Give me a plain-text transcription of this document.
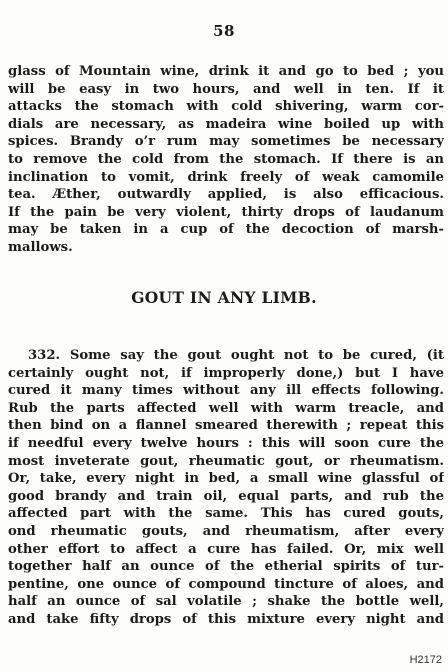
58
glass of Mountain wine, drink it and go to bed ; you
will be easy in two hours, and well in ten. If it
attacks the stomach with cold shivering, warm cor-
dials are necessary, as madeira wine boiled up with
spices. Brandy o’r rum may sometimes be necessary
to remove the cold from the stomach. If there is an
inclination to vomit, drink freely of weak camomile
tea. Æther, outwardly applied, is also efficacious.
If the pain be very violent, thirty drops of laudanum
may be taken in a cup of the decoction of marsh-
mallows.
GOUT IN ANY LIMB.
332. Some say the gout ought not to be cured, (it
certainly ought not, if improperly done,) but I have
cured it many times without any ill effects following.
Rub the parts affected well with warm treacle, and
then bind on a flannel smeared therewith ; repeat this
if needful every twelve hours : this will soon cure the
most inveterate gout, rheumatic gout, or rheumatism.
Or, take, every night in bed, a small wine glassful of
good brandy and train oil, equal parts, and rub the
affected part with the same. This has cured gouts,
ond rheumatic gouts, and rheumatism, after every
other effort to affect a cure has failed. Or, mix well
together half an ounce of the etherial spirits of tur-
pentine, one ounce of compound tincture of aloes, and
half an ounce of sal volatile ; shake the bottle well,
and take fifty drops of this mixture every night and
H2172
